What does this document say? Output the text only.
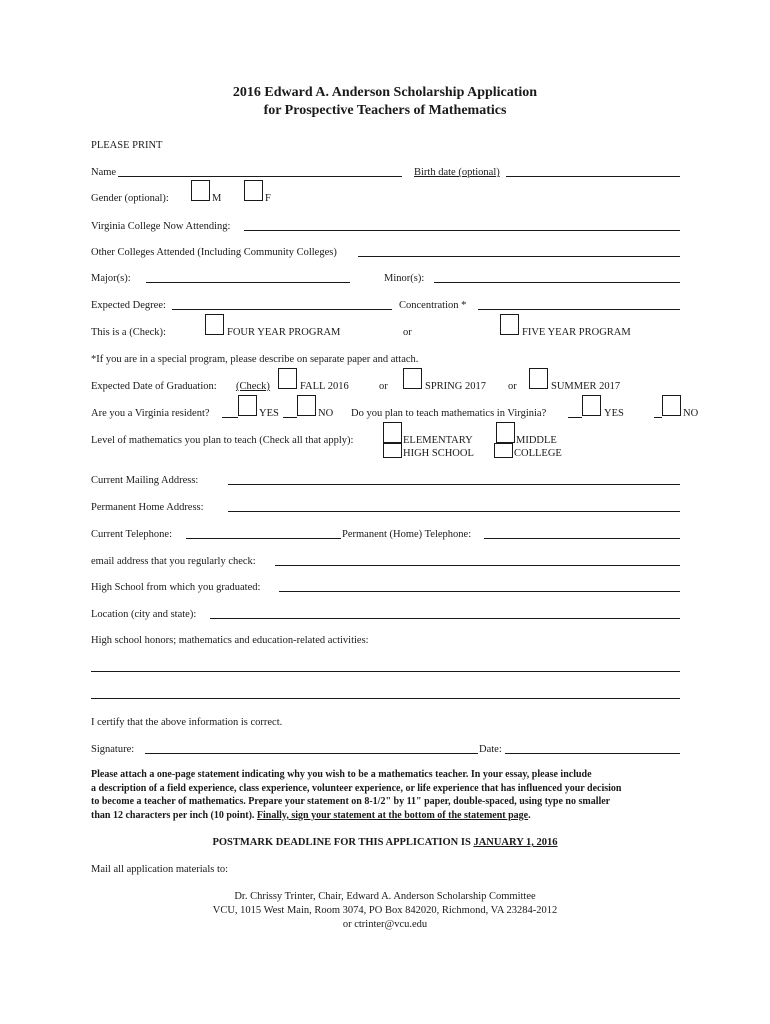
2016 Edward A. Anderson Scholarship Application
for Prospective Teachers of Mathematics
PLEASE PRINT
Name	Birth date (optional)
Gender (optional):	M	F
Virginia College Now Attending:
Other Colleges Attended (Including Community Colleges)
Major(s):	Minor(s):
Expected Degree:	Concentration *
This is a (Check):	FOUR YEAR PROGRAM	or	FIVE YEAR PROGRAM
*If you are in a special program, please describe on separate paper and attach.
Expected Date of Graduation: (Check)	FALL 2016	or	SPRING 2017 or	SUMMER 2017
Are you a Virginia resident?	YES	NO Do you plan to teach mathematics in Virginia?	YES	NO
Level of mathematics you plan to teach (Check all that apply):	ELEMENTARY	MIDDLE
HIGH SCHOOL	COLLEGE
Current Mailing Address:
Permanent Home Address:
Current Telephone:	Permanent (Home) Telephone:
email address that you regularly check:
High School from which you graduated:
Location (city and state):
High school honors; mathematics and education-related activities:
I certify that the above information is correct.
Signature:	Date:

Please attach a one-page statement indicating why you wish to be a mathematics teacher. In your essay, please include

a description of a field experience, class experience, volunteer experience, or life experience that has influenced your decision

to become a teacher of mathematics. Prepare your statement on 8-1/2" by 11" paper, double-spaced, using type no smaller

than 12 characters per inch (10 point). Finally, sign your statement at the bottom of the statement page.

POSTMARK DEADLINE FOR THIS APPLICATION IS JANUARY 1, 2016
Mail all application materials to:
Dr. Chrissy Trinter, Chair, Edward A. Anderson Scholarship Committee
VCU, 1015 West Main, Room 3074, PO Box 842020, Richmond, VA 23284-2012
or ctrinter@vcu.edu
